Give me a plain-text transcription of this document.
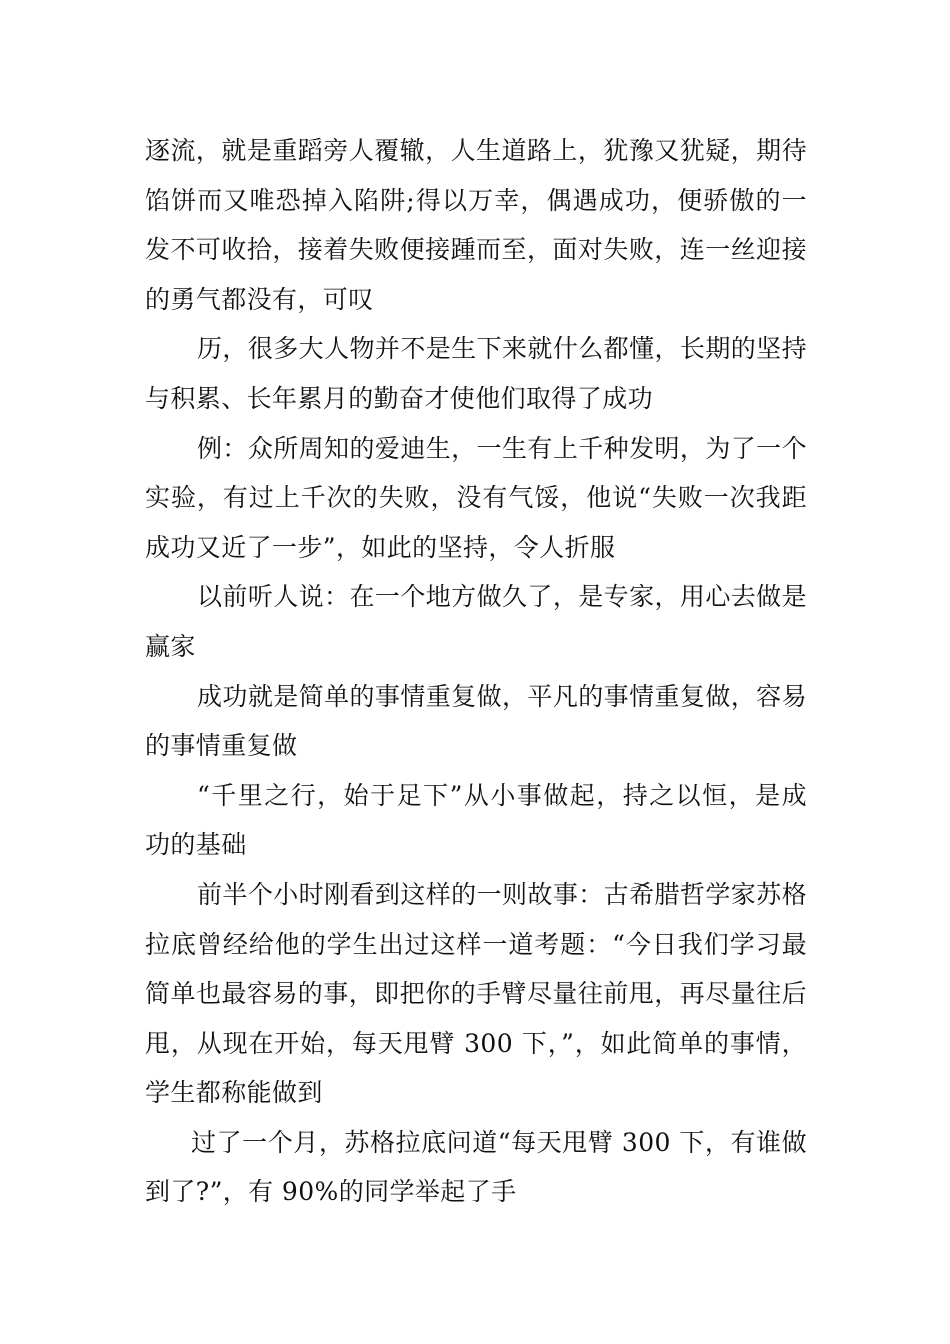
逐流，就是重蹈旁人覆辙，人生道路上，犹豫又犹疑，期待馅饼而又唯恐掉入陷阱;得以万幸，偶遇成功，便骄傲的一发不可收拾，接着失败便接踵而至，面对失败，连一丝迎接的勇气都没有，可叹

历，很多大人物并不是生下来就什么都懂，长期的坚持与积累、长年累月的勤奋才使他们取得了成功

例：众所周知的爱迪生，一生有上千种发明，为了一个实验，有过上千次的失败，没有气馁，他说“失败一次我距成功又近了一步”，如此的坚持，令人折服

以前听人说：在一个地方做久了，是专家，用心去做是赢家

成功就是简单的事情重复做，平凡的事情重复做，容易的事情重复做

“千里之行，始于足下”从小事做起，持之以恒，是成功的基础

前半个小时刚看到这样的一则故事：古希腊哲学家苏格拉底曾经给他的学生出过这样一道考题：“今日我们学习最简单也最容易的事，即把你的手臂尽量往前甩，再尽量往后甩，从现在开始，每天甩臂 300 下，”，如此简单的事情，学生都称能做到

过了一个月，苏格拉底问道“每天甩臂 300 下，有谁做到了?”，有 90%的同学举起了手
